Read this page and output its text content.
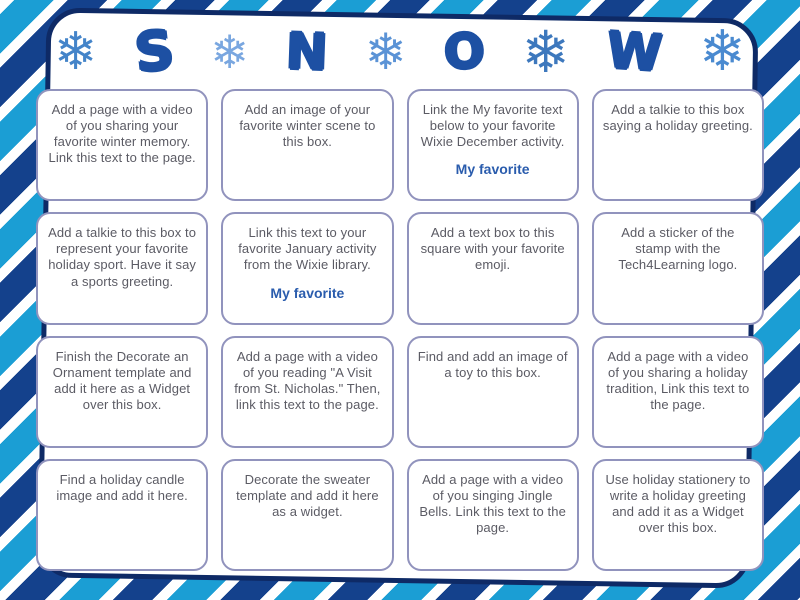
❄ S ❄ N ❄ O ❄ W ❄

Add a page with a video of you sharing your favorite winter memory. Link this text to the page.

Add an image of your favorite winter scene to this box.

Link the My favorite text below to your favorite Wixie December activity.

My favorite

Add a talkie to this box saying a holiday greeting.

Add a talkie to this box to represent your favorite holiday sport. Have it say a sports greeting.

Link this text to your favorite January activity from the Wixie library.

My favorite

Add a text box to this square with your favorite emoji.

Add a sticker of the stamp with the Tech4Learning logo.

Finish the Decorate an Ornament template and add it here as a Widget over this box.

Add a page with a video of you reading "A Visit from St. Nicholas." Then, link this text to the page.

Find and add an image of a toy to this box.

Add a page with a video of you sharing a holiday tradition, Link this text to the page.

Find a holiday candle image and add it here.

Decorate the sweater template and add it here as a widget.

Add a page with a video of you singing Jingle Bells. Link this text to the page.

Use holiday stationery to write a holiday greeting and add it as a Widget over this box.
